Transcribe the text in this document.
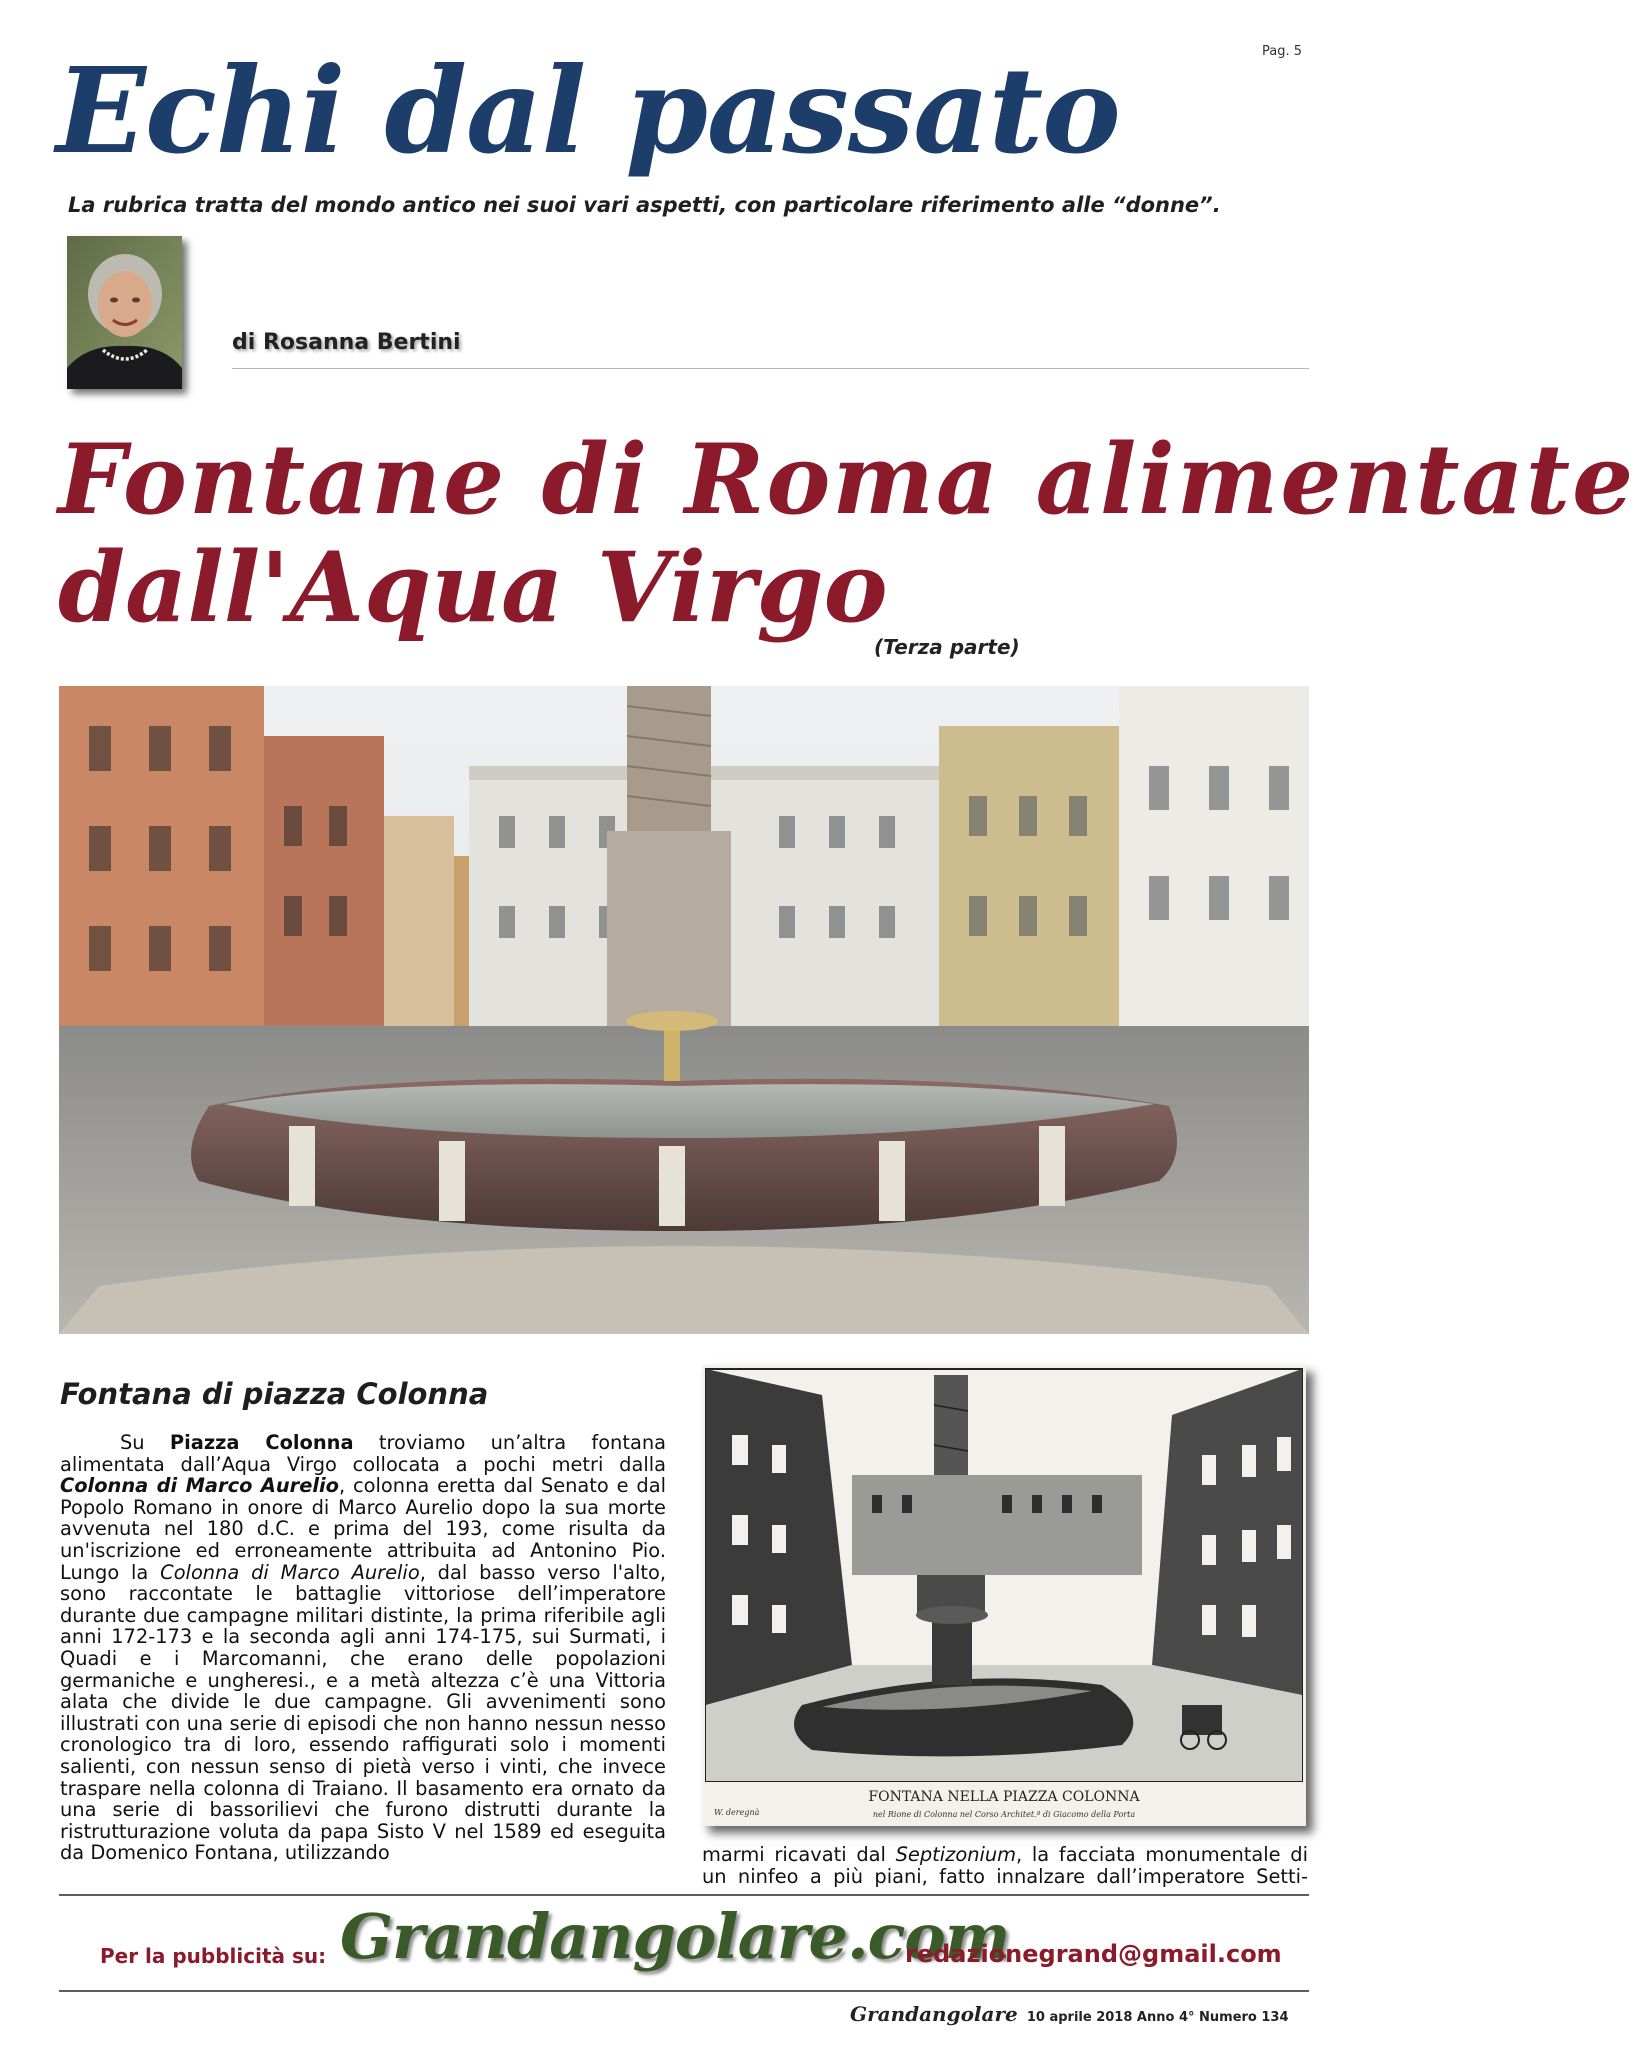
Pag. 5
Echi dal passato
La rubrica tratta del mondo antico nei suoi vari aspetti, con particolare riferimento alle “donne”.
di Rosanna Bertini
Fontane di Roma alimentate
dall'Aqua Virgo
(Terza parte)
Fontana di piazza Colonna

Su Piazza Colonna troviamo un’altra fontana alimentata dall’Aqua Virgo collocata a pochi metri dalla Colonna di Marco Aurelio, colonna eretta dal Senato e dal Popolo Romano in onore di Marco Aurelio dopo la sua morte avvenuta nel 180 d.C. e prima del 193, come risulta da un'iscrizione ed erroneamente attribuita ad Antonino Pio. Lungo la Colonna di Marco Aurelio, dal basso verso l'alto, sono raccontate le battaglie vittoriose dell’imperatore durante due campagne militari distinte, la prima riferibile agli anni 172-173 e la seconda agli anni 174-175, sui Surmati, i Quadi e i Marcomanni, che erano delle popolazioni germaniche e ungheresi., e a metà altezza c’è una Vittoria alata che divide le due campagne. Gli avvenimenti sono illustrati con una serie di episodi che non hanno nessun nesso cronologico tra di loro, essendo raffigurati solo i momenti salienti, con nessun senso di pietà verso i vinti, che invece traspare nella colonna di Traiano. Il basamento era ornato da una serie di bassorilievi che furono distrutti durante la ristrutturazione voluta da papa Sisto V nel 1589 ed eseguita da Domenico Fontana, utilizzando

FONTANA NELLA PIAZZA COLONNA
nel Rione di Colonna nel Corso Architet.ª di Giacomo della Porta
W. deregnà

marmi ricavati dal Septizonium, la facciata monumentale di un ninfeo a più piani, fatto innalzare dall’imperatore Setti-

Per la pubblicità su: Grandangolare.com
redazionegrand@gmail.com
Grandangolare 10 aprile 2018 Anno 4° Numero 134
